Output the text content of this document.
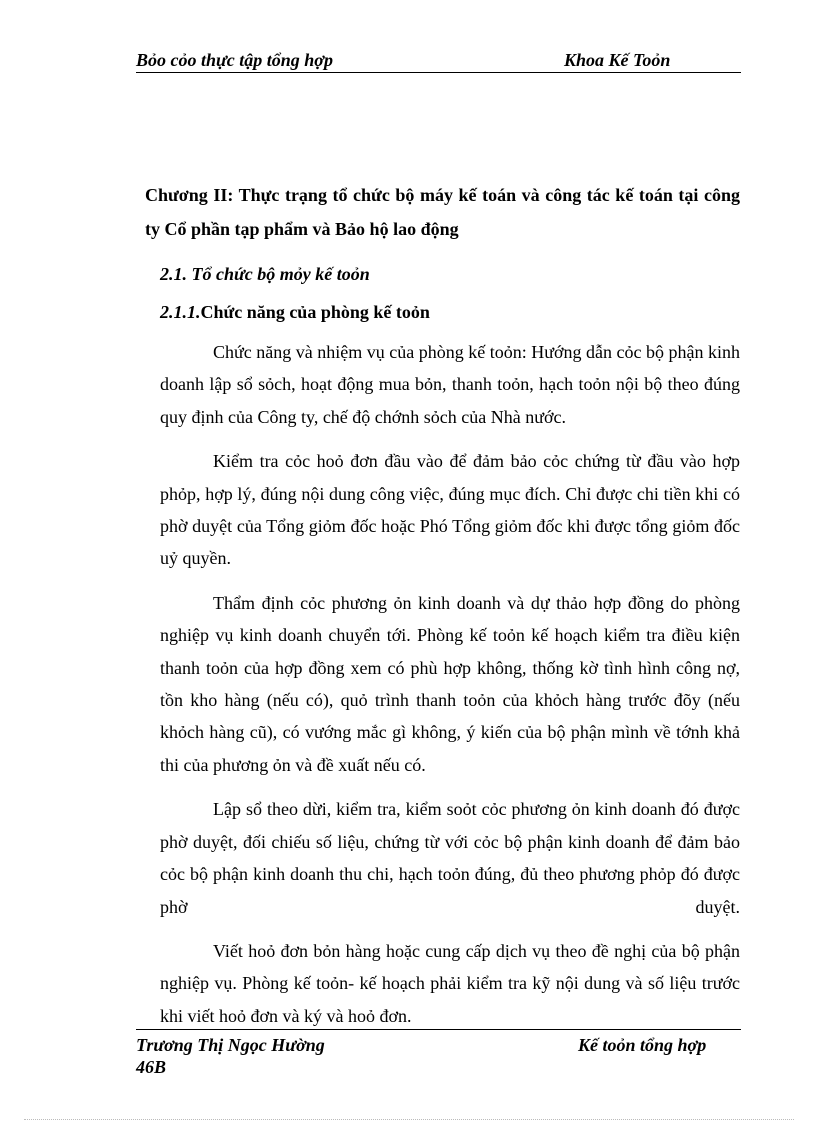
Bỏo cỏo thực tập tổng hợp	Khoa Kế Toỏn

Chương II: Thực trạng tổ chức bộ máy kế toán và công tác kế toán tại công ty Cổ phần tạp phẩm và Bảo hộ lao động

2.1. Tổ chức bộ mỏy kế toỏn
2.1.1.Chức năng của phòng kế toỏn

Chức năng và nhiệm vụ của phòng kế toỏn: Hướng dẫn cỏc bộ phận kinh doanh lập sổ sỏch, hoạt động mua bỏn, thanh toỏn, hạch toỏn nội bộ theo đúng quy định của Công ty, chế độ chớnh sỏch của Nhà nước.

Kiểm tra cỏc hoỏ đơn đầu vào để đảm bảo cỏc chứng từ đầu vào hợp phỏp, hợp lý, đúng nội dung công việc, đúng mục đích. Chỉ được chi tiền khi có phờ duyệt của Tổng giỏm đốc hoặc Phó Tổng giỏm đốc khi được tổng giỏm đốc uỷ quyền.

Thẩm định cỏc phương ỏn kinh doanh và dự thảo hợp đồng do phòng nghiệp vụ kinh doanh chuyển tới. Phòng kế toỏn kế hoạch kiểm tra điều kiện thanh toỏn của hợp đồng xem có phù hợp không, thống kờ tình hình công nợ, tồn kho hàng (nếu có), quỏ trình thanh toỏn của khỏch hàng trước đõy (nếu khỏch hàng cũ), có vướng mắc gì không, ý kiến của bộ phận mình về tớnh khả thi của phương ỏn và đề xuất nếu có.

Lập sổ theo dừi, kiểm tra, kiểm soỏt cỏc phương ỏn kinh doanh đó được phờ duyệt, đối chiếu số liệu, chứng từ với cỏc bộ phận kinh doanh để đảm bảo cỏc bộ phận kinh doanh thu chi, hạch toỏn đúng, đủ theo phương phỏp đó được phờ duyệt.

Viết hoỏ đơn bỏn hàng hoặc cung cấp dịch vụ theo đề nghị của bộ phận nghiệp vụ. Phòng kế toỏn- kế hoạch phải kiểm tra kỹ nội dung và số liệu trước khi viết hoỏ đơn và ký và hoỏ đơn.

Trương Thị Ngọc Hường
46B
Kế toỏn tổng hợp
